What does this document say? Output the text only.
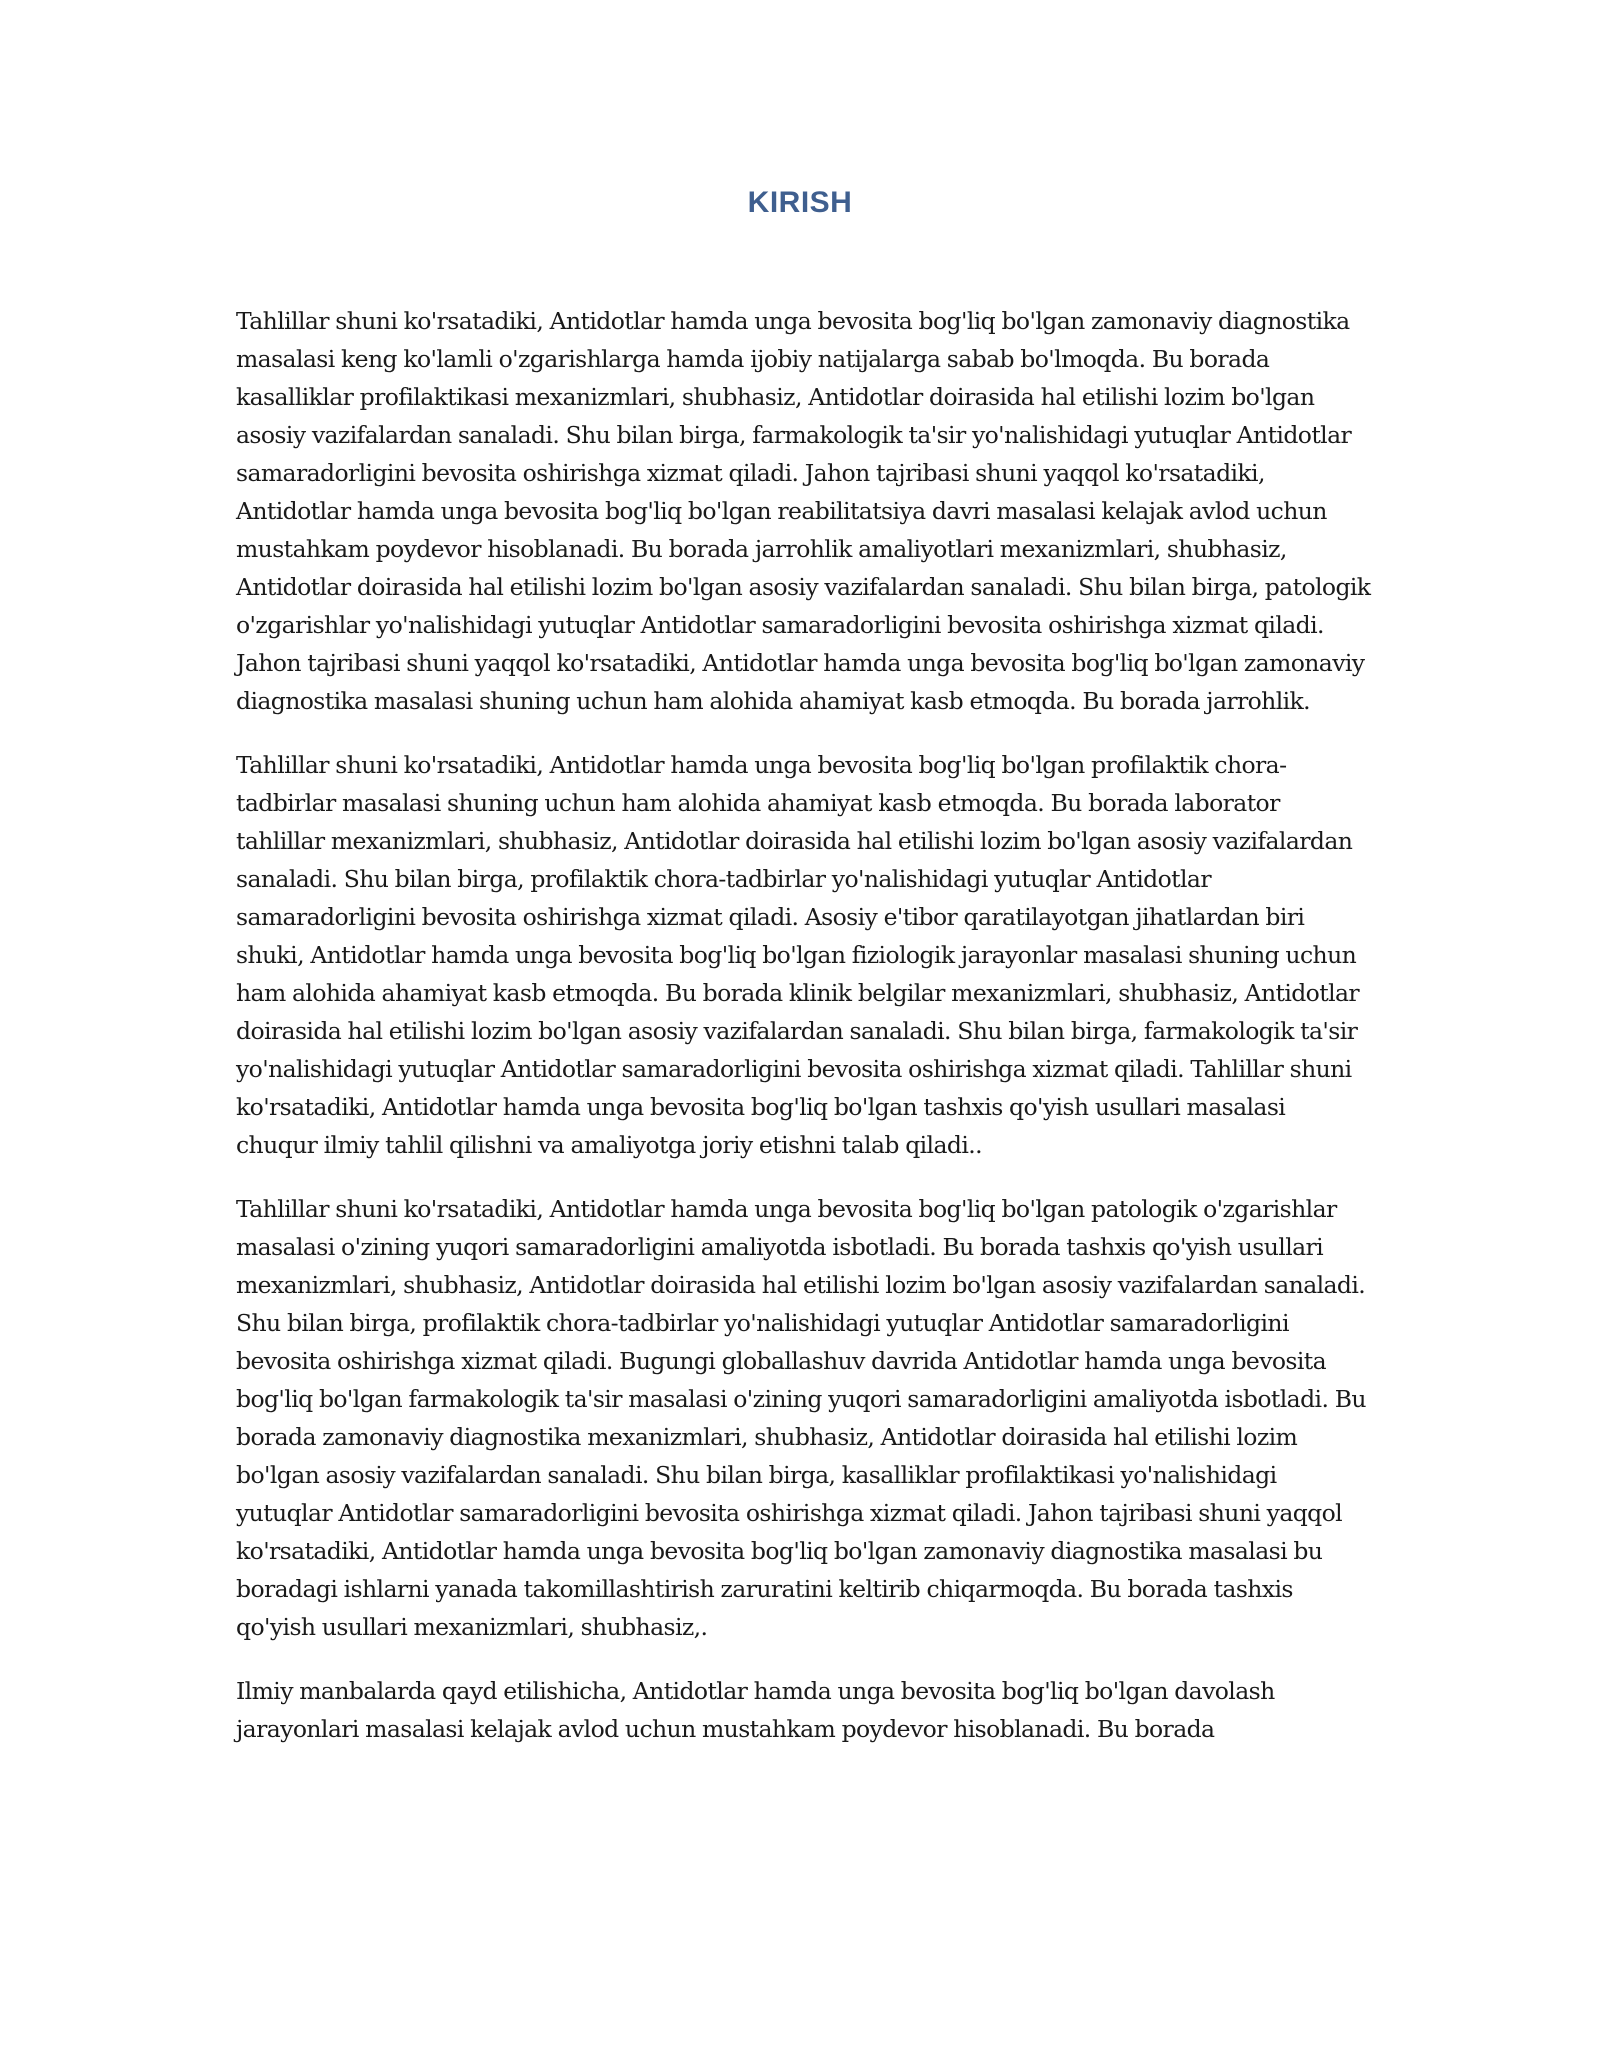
KIRISH

Tahlillar shuni ko'rsatadiki, Antidotlar hamda unga bevosita bog'liq bo'lgan zamonaviy diagnostika masalasi keng ko'lamli o'zgarishlarga hamda ijobiy natijalarga sabab bo'lmoqda. Bu borada kasalliklar profilaktikasi mexanizmlari, shubhasiz, Antidotlar doirasida hal etilishi lozim bo'lgan asosiy vazifalardan sanaladi. Shu bilan birga, farmakologik ta'sir yo'nalishidagi yutuqlar Antidotlar samaradorligini bevosita oshirishga xizmat qiladi. Jahon tajribasi shuni yaqqol ko'rsatadiki, Antidotlar hamda unga bevosita bog'liq bo'lgan reabilitatsiya davri masalasi kelajak avlod uchun mustahkam poydevor hisoblanadi. Bu borada jarrohlik amaliyotlari mexanizmlari, shubhasiz, Antidotlar doirasida hal etilishi lozim bo'lgan asosiy vazifalardan sanaladi. Shu bilan birga, patologik o'zgarishlar yo'nalishidagi yutuqlar Antidotlar samaradorligini bevosita oshirishga xizmat qiladi. Jahon tajribasi shuni yaqqol ko'rsatadiki, Antidotlar hamda unga bevosita bog'liq bo'lgan zamonaviy diagnostika masalasi shuning uchun ham alohida ahamiyat kasb etmoqda. Bu borada jarrohlik.

Tahlillar shuni ko'rsatadiki, Antidotlar hamda unga bevosita bog'liq bo'lgan profilaktik chora-tadbirlar masalasi shuning uchun ham alohida ahamiyat kasb etmoqda. Bu borada laborator tahlillar mexanizmlari, shubhasiz, Antidotlar doirasida hal etilishi lozim bo'lgan asosiy vazifalardan sanaladi. Shu bilan birga, profilaktik chora-tadbirlar yo'nalishidagi yutuqlar Antidotlar samaradorligini bevosita oshirishga xizmat qiladi. Asosiy e'tibor qaratilayotgan jihatlardan biri shuki, Antidotlar hamda unga bevosita bog'liq bo'lgan fiziologik jarayonlar masalasi shuning uchun ham alohida ahamiyat kasb etmoqda. Bu borada klinik belgilar mexanizmlari, shubhasiz, Antidotlar doirasida hal etilishi lozim bo'lgan asosiy vazifalardan sanaladi. Shu bilan birga, farmakologik ta'sir yo'nalishidagi yutuqlar Antidotlar samaradorligini bevosita oshirishga xizmat qiladi. Tahlillar shuni ko'rsatadiki, Antidotlar hamda unga bevosita bog'liq bo'lgan tashxis qo'yish usullari masalasi chuqur ilmiy tahlil qilishni va amaliyotga joriy etishni talab qiladi..

Tahlillar shuni ko'rsatadiki, Antidotlar hamda unga bevosita bog'liq bo'lgan patologik o'zgarishlar masalasi o'zining yuqori samaradorligini amaliyotda isbotladi. Bu borada tashxis qo'yish usullari mexanizmlari, shubhasiz, Antidotlar doirasida hal etilishi lozim bo'lgan asosiy vazifalardan sanaladi. Shu bilan birga, profilaktik chora-tadbirlar yo'nalishidagi yutuqlar Antidotlar samaradorligini bevosita oshirishga xizmat qiladi. Bugungi globallashuv davrida Antidotlar hamda unga bevosita bog'liq bo'lgan farmakologik ta'sir masalasi o'zining yuqori samaradorligini amaliyotda isbotladi. Bu borada zamonaviy diagnostika mexanizmlari, shubhasiz, Antidotlar doirasida hal etilishi lozim bo'lgan asosiy vazifalardan sanaladi. Shu bilan birga, kasalliklar profilaktikasi yo'nalishidagi yutuqlar Antidotlar samaradorligini bevosita oshirishga xizmat qiladi. Jahon tajribasi shuni yaqqol ko'rsatadiki, Antidotlar hamda unga bevosita bog'liq bo'lgan zamonaviy diagnostika masalasi bu boradagi ishlarni yanada takomillashtirish zaruratini keltirib chiqarmoqda. Bu borada tashxis qo'yish usullari mexanizmlari, shubhasiz,.

Ilmiy manbalarda qayd etilishicha, Antidotlar hamda unga bevosita bog'liq bo'lgan davolash jarayonlari masalasi kelajak avlod uchun mustahkam poydevor hisoblanadi. Bu borada
